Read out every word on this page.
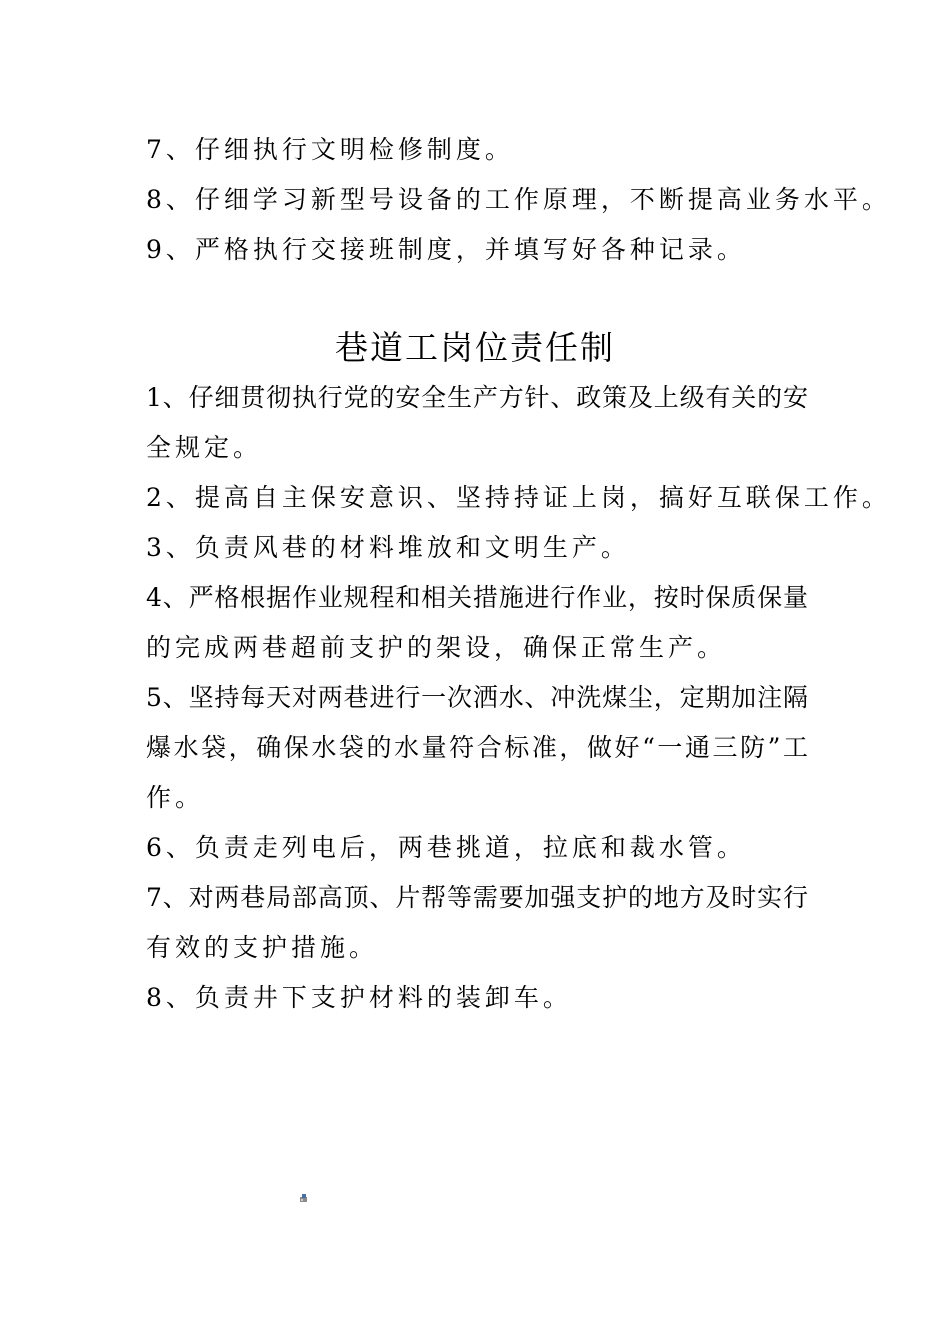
7、仔细执行文明检修制度。
8、仔细学习新型号设备的工作原理，不断提高业务水平。
9、严格执行交接班制度，并填写好各种记录。
巷道工岗位责任制
1、仔细贯彻执行党的安全生产方针、政策及上级有关的安
全规定。
2、提高自主保安意识、坚持持证上岗，搞好互联保工作。
3、负责风巷的材料堆放和文明生产。
4、严格根据作业规程和相关措施进行作业，按时保质保量
的完成两巷超前支护的架设，确保正常生产。
5、坚持每天对两巷进行一次洒水、冲洗煤尘，定期加注隔
爆水袋，确保水袋的水量符合标准，做好“一通三防”工
作。
6、负责走列电后，两巷挑道，拉底和裁水管。
7、对两巷局部高顶、片帮等需要加强支护的地方及时实行
有效的支护措施。
8、负责井下支护材料的装卸车。
